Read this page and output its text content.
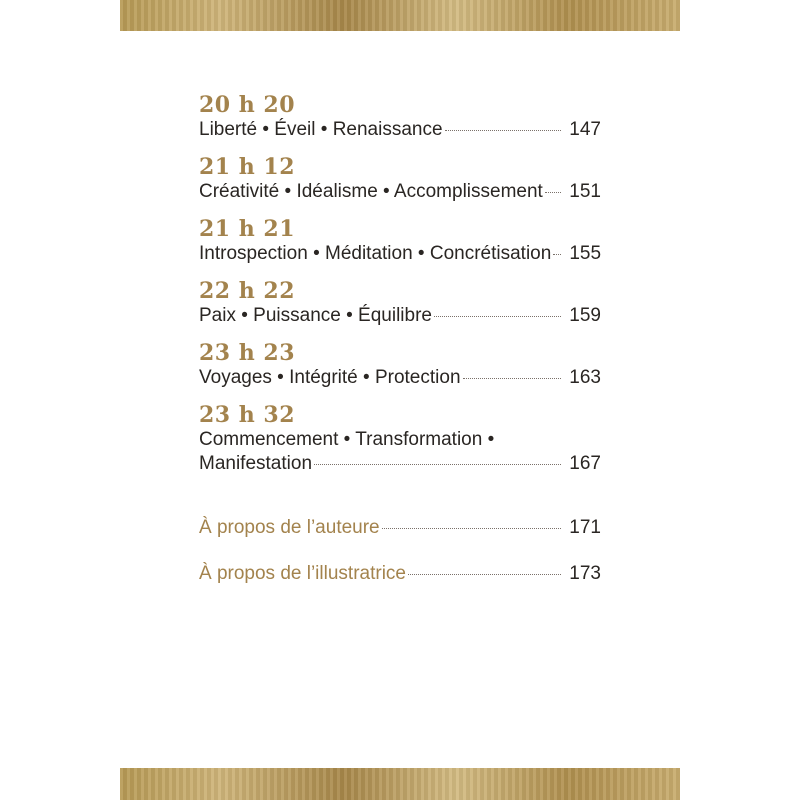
20 h 20
Liberté • Éveil • Renaissance	147
21 h 12
Créativité • Idéalisme • Accomplissement 151
21 h 21
Introspection • Méditation • Concrétisation 155
22 h 22
Paix • Puissance • Équilibre	159
23 h 23
Voyages • Intégrité • Protection	163
23 h 32
Commencement • Transformation •
Manifestation	167
À propos de l’auteure	171
À propos de l’illustratrice	173
